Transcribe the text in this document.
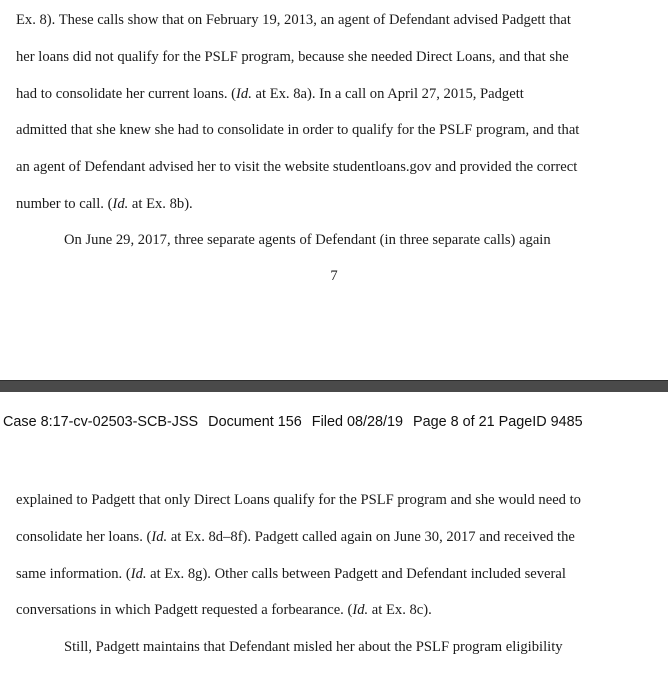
Ex. 8). These calls show that on February 19, 2013, an agent of Defendant advised Padgett that

her loans did not qualify for the PSLF program, because she needed Direct Loans, and that she

had to consolidate her current loans. (Id. at Ex. 8a). In a call on April 27, 2015, Padgett

admitted that she knew she had to consolidate in order to qualify for the PSLF program, and that

an agent of Defendant advised her to visit the website studentloans.gov and provided the correct

number to call. (Id. at Ex. 8b).

On June 29, 2017, three separate agents of Defendant (in three separate calls) again

7

Case 8:17-cv-02503-SCB-JSS Document 156 Filed 08/28/19 Page 8 of 21 PageID 9485

explained to Padgett that only Direct Loans qualify for the PSLF program and she would need to

consolidate her loans. (Id. at Ex. 8d–8f). Padgett called again on June 30, 2017 and received the

same information. (Id. at Ex. 8g). Other calls between Padgett and Defendant included several

conversations in which Padgett requested a forbearance. (Id. at Ex. 8c).

Still, Padgett maintains that Defendant misled her about the PSLF program eligibility
